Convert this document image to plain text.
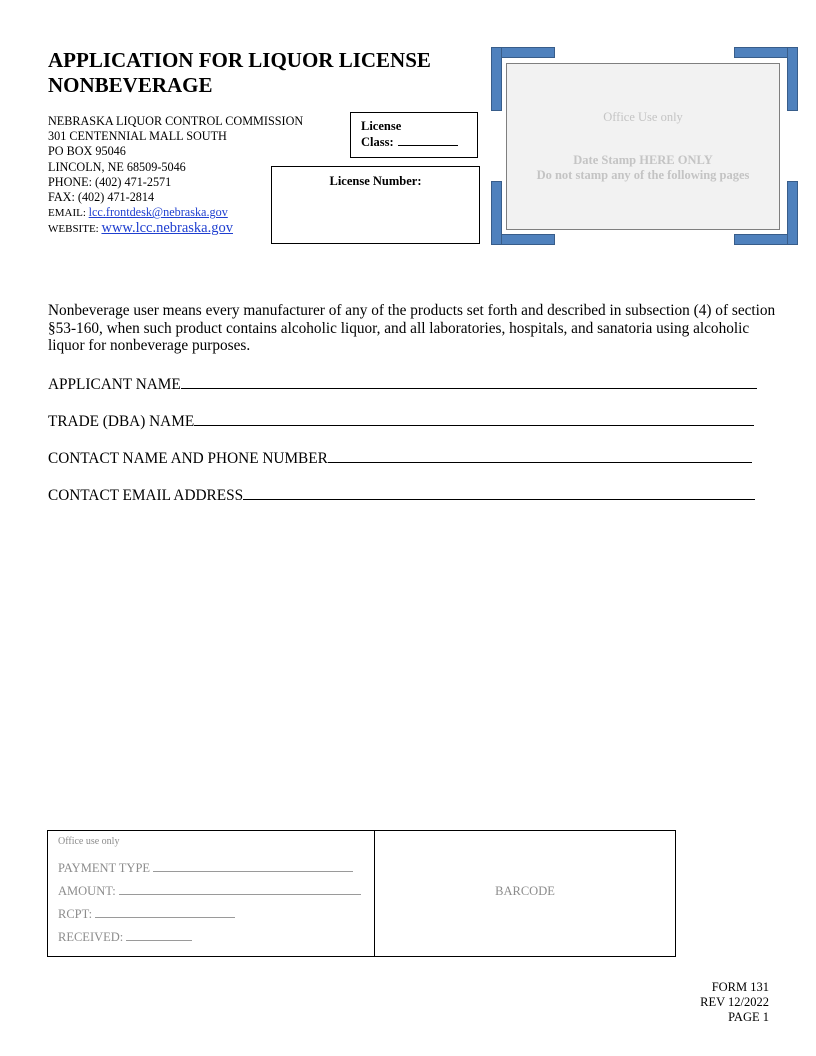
APPLICATION FOR LIQUOR LICENSE
NONBEVERAGE
NEBRASKA LIQUOR CONTROL COMMISSION
301 CENTENNIAL MALL SOUTH
PO BOX 95046
LINCOLN, NE 68509-5046
PHONE: (402) 471-2571
FAX: (402) 471-2814
EMAIL: lcc.frontdesk@nebraska.gov
WEBSITE: www.lcc.nebraska.gov
License
Class:
License Number:
Office Use only
Date Stamp HERE ONLY
Do not stamp any of the following pages
Nonbeverage user means every manufacturer of any of the products set forth and described in subsection (4) of section §53-160, when such product contains alcoholic liquor, and all laboratories, hospitals, and sanatoria using alcoholic liquor for nonbeverage purposes.
APPLICANT NAME
TRADE (DBA) NAME
CONTACT NAME AND PHONE NUMBER
CONTACT EMAIL ADDRESS
Office use only
PAYMENT TYPE
AMOUNT:
RCPT:
RECEIVED:
BARCODE
FORM 131
REV 12/2022
PAGE 1
